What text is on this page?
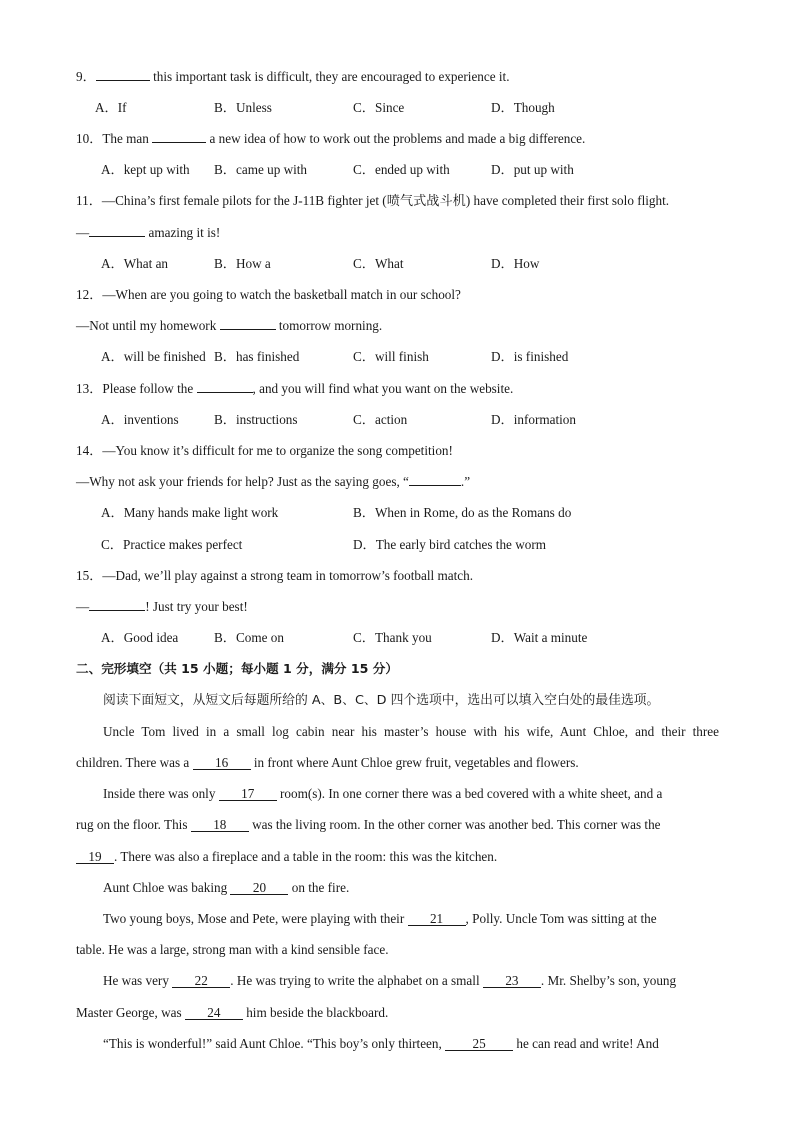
9．	this important task is difficult, they are encouraged to experience it.
A．If	B．Unless	C．Since	D．Though
10．The man	a new idea of how to work out the problems and made a big difference.
A．kept up with B．came up with	C．ended up with	D．put up with
11．—China’s first female pilots for the J-11B fighter jet (喷气式战斗机) have completed their first solo flight.
—	amazing it is!
A．What an	B．How a	C．What	D．How
12．—When are you going to watch the basketball match in our school?
—Not until my homework	tomorrow morning.
A．will be finished B．has finished	C．will finish	D．is finished
13．Please follow the	, and you will find what you want on the website.
A．inventions	B．instructions	C．action	D．information
14．—You know it’s difficult for me to organize the song competition!
—Why not ask your friends for help? Just as the saying goes, “	.”
A．Many hands make light work	B．When in Rome, do as the Romans do
C．Practice makes perfect	D．The early bird catches the worm
15．—Dad, we’ll play against a strong team in tomorrow’s football match.
—	! Just try your best!
A．Good idea	B．Come on	C．Thank you	D．Wait a minute
二、完形填空（共 15 小题；每小题 1 分，满分 15 分）
阅读下面短文，从短文后每题所给的 A、B、C、D 四个选项中，选出可以填入空白处的最佳选项。
Uncle Tom lived in a small log cabin near his master’s house with his wife, Aunt Chloe, and their three
children. There was a 16 in front where Aunt Chloe grew fruit, vegetables and flowers.
Inside there was only 17 room(s). In one corner there was a bed covered with a white sheet, and a
rug on the floor. This 18 was the living room. In the other corner was another bed. This corner was the
19 . There was also a fireplace and a table in the room: this was the kitchen.
Aunt Chloe was baking 20 on the fire.
Two young boys, Mose and Pete, were playing with their 21 , Polly. Uncle Tom was sitting at the
table. He was a large, strong man with a kind sensible face.
He was very 22 . He was trying to write the alphabet on a small 23 . Mr. Shelby’s son, young
Master George, was 24 him beside the blackboard.
“This is wonderful!” said Aunt Chloe. “This boy’s only thirteen, 25 he can read and write! And
